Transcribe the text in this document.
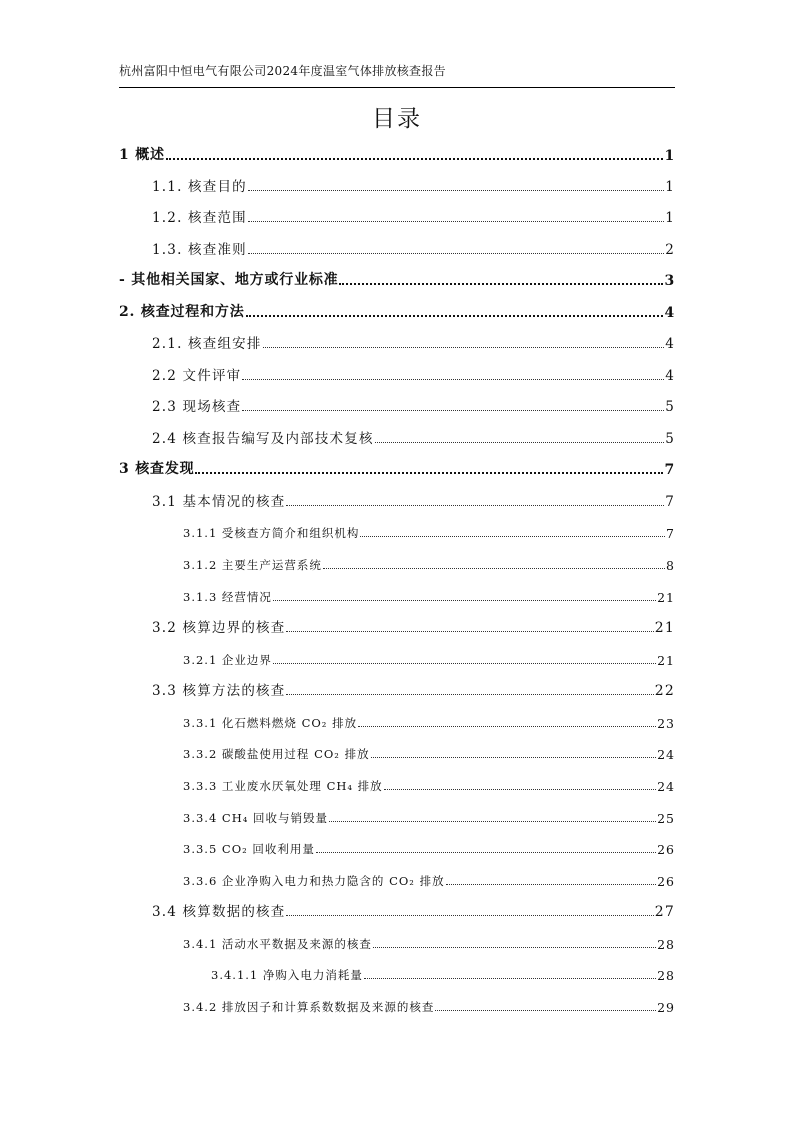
杭州富阳中恒电气有限公司2024年度温室气体排放核查报告
目录
1 概述	1
1.1. 核查目的	1
1.2. 核查范围	1
1.3. 核查准则	2
- 其他相关国家、地方或行业标准	3
2. 核查过程和方法	4
2.1. 核查组安排	4
2.2 文件评审	4
2.3 现场核查	5
2.4 核查报告编写及内部技术复核	5
3 核查发现	7
3.1 基本情况的核查	7
3.1.1 受核查方简介和组织机构	7
3.1.2 主要生产运营系统	8
3.1.3 经营情况	21
3.2 核算边界的核查	21
3.2.1 企业边界	21
3.3 核算方法的核查	22
3.3.1 化石燃料燃烧 CO₂ 排放	23
3.3.2 碳酸盐使用过程 CO₂ 排放	24
3.3.3 工业废水厌氧处理 CH₄ 排放	24
3.3.4 CH₄ 回收与销毁量	25
3.3.5 CO₂ 回收利用量	26
3.3.6 企业净购入电力和热力隐含的 CO₂ 排放	26
3.4 核算数据的核查	27
3.4.1 活动水平数据及来源的核查	28
3.4.1.1 净购入电力消耗量	28
3.4.2 排放因子和计算系数数据及来源的核查	29
